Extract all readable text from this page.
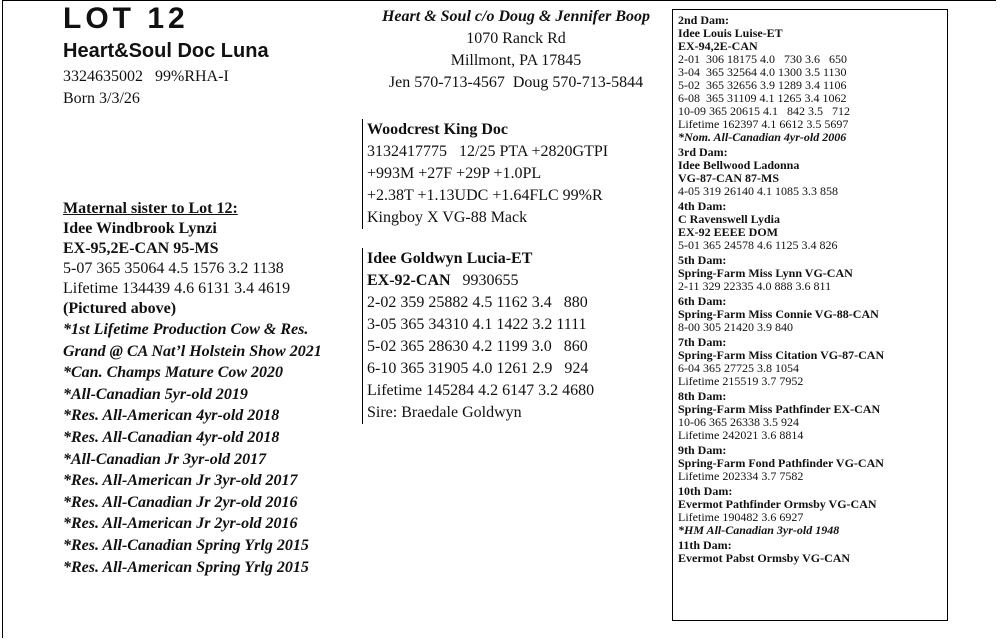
LOT 12
Heart&Soul Doc Luna
3324635002   99%RHA-I
Born 3/3/26
Heart & Soul c/o Doug & Jennifer Boop
1070 Ranck Rd
Millmont, PA 17845
Jen 570-713-4567  Doug 570-713-5844
Woodcrest King Doc
3132417775   12/25 PTA +2820GTPI
+993M +27F +29P +1.0PL
+2.38T +1.13UDC +1.64FLC 99%R
Kingboy X VG-88 Mack
Idee Goldwyn Lucia-ET
EX-92-CAN 9930655
2-02 359 25882 4.5 1162 3.4   880
3-05 365 34310 4.1 1422 3.2 1111
5-02 365 28630 4.2 1199 3.0   860
6-10 365 31905 4.0 1261 2.9   924
Lifetime 145284 4.2 6147 3.2 4680
Sire: Braedale Goldwyn
Maternal sister to Lot 12:
Idee Windbrook Lynzi
EX-95,2E-CAN 95-MS
5-07 365 35064 4.5 1576 3.2 1138
Lifetime 134439 4.6 6131 3.4 4619
(Pictured above)
*1st Lifetime Production Cow & Res.
Grand @ CA Nat’l Holstein Show 2021
*Can. Champs Mature Cow 2020
*All-Canadian 5yr-old 2019
*Res. All-American 4yr-old 2018
*Res. All-Canadian 4yr-old 2018
*All-Canadian Jr 3yr-old 2017
*Res. All-American Jr 3yr-old 2017
*Res. All-Canadian Jr 2yr-old 2016
*Res. All-American Jr 2yr-old 2016
*Res. All-Canadian Spring Yrlg 2015
*Res. All-American Spring Yrlg 2015
2nd Dam:
Idee Louis Luise-ET
EX-94,2E-CAN
2-01  306 18175 4.0   730 3.6   650
3-04  365 32564 4.0 1300 3.5 1130
5-02  365 32656 3.9 1289 3.4 1106
6-08  365 31109 4.1 1265 3.4 1062
10-09 365 20615 4.1   842 3.5   712
Lifetime 162397 4.1 6612 3.5 5697
*Nom. All-Canadian 4yr-old 2006
3rd Dam:
Idee Bellwood Ladonna
VG-87-CAN 87-MS
4-05 319 26140 4.1 1085 3.3 858
4th Dam:
C Ravenswell Lydia
EX-92 EEEE DOM
5-01 365 24578 4.6 1125 3.4 826
5th Dam:
Spring-Farm Miss Lynn VG-CAN
2-11 329 22335 4.0 888 3.6 811
6th Dam:
Spring-Farm Miss Connie VG-88-CAN
8-00 305 21420 3.9 840
7th Dam:
Spring-Farm Miss Citation VG-87-CAN
6-04 365 27725 3.8 1054
Lifetime 215519 3.7 7952
8th Dam:
Spring-Farm Miss Pathfinder EX-CAN
10-06 365 26338 3.5 924
Lifetime 242021 3.6 8814
9th Dam:
Spring-Farm Fond Pathfinder VG-CAN
Lifetime 202334 3.7 7582
10th Dam:
Evermot Pathfinder Ormsby VG-CAN
Lifetime 190482 3.6 6927
*HM All-Canadian 3yr-old 1948
11th Dam:
Evermot Pabst Ormsby VG-CAN
